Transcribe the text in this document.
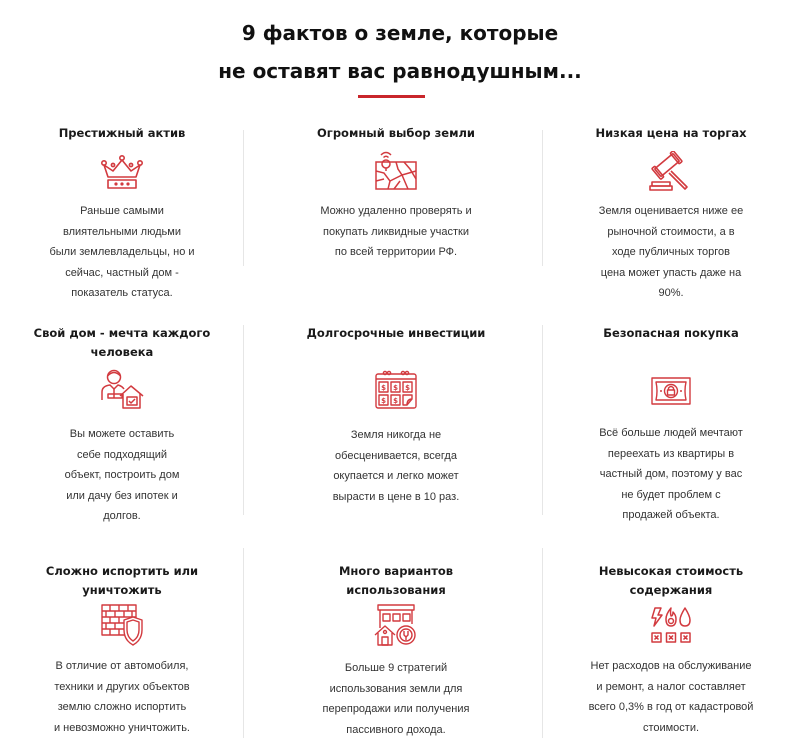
9 фактов о земле, которые
не оставят вас равнодушным...
Престижный актив
Раньше самыми
влиятельными людьми
были землевладельцы, но и
сейчас, частный дом -
показатель статуса.
Огромный выбор земли
Можно удаленно проверять и
покупать ликвидные участки
по всей территории РФ.
Низкая цена на торгах
Земля оценивается ниже ее
рыночной стоимости, а в
ходе публичных торгов
цена может упасть даже на
90%.
Свой дом - мечта каждого
человека
Вы можете оставить
себе подходящий
объект, построить дом
или дачу без ипотек и
долгов.
Долгосрочные инвестиции
$ $ $
$ $
Земля никогда не
обесценивается, всегда
окупается и легко может
вырасти в цене в 10 раз.
Безопасная покупка
Всё больше людей мечтают
переехать из квартиры в
частный дом, поэтому у вас
не будет проблем с
продажей объекта.
Сложно испортить или
уничтожить
В отличие от автомобиля,
техники и других объектов
землю сложно испортить
и невозможно уничтожить.
Много вариантов
использования
Больше 9 стратегий
использования земли для
перепродажи или получения
пассивного дохода.
Невысокая стоимость
содержания
Нет расходов на обслуживание
и ремонт, а налог составляет
всего 0,3% в год от кадастровой
стоимости.
